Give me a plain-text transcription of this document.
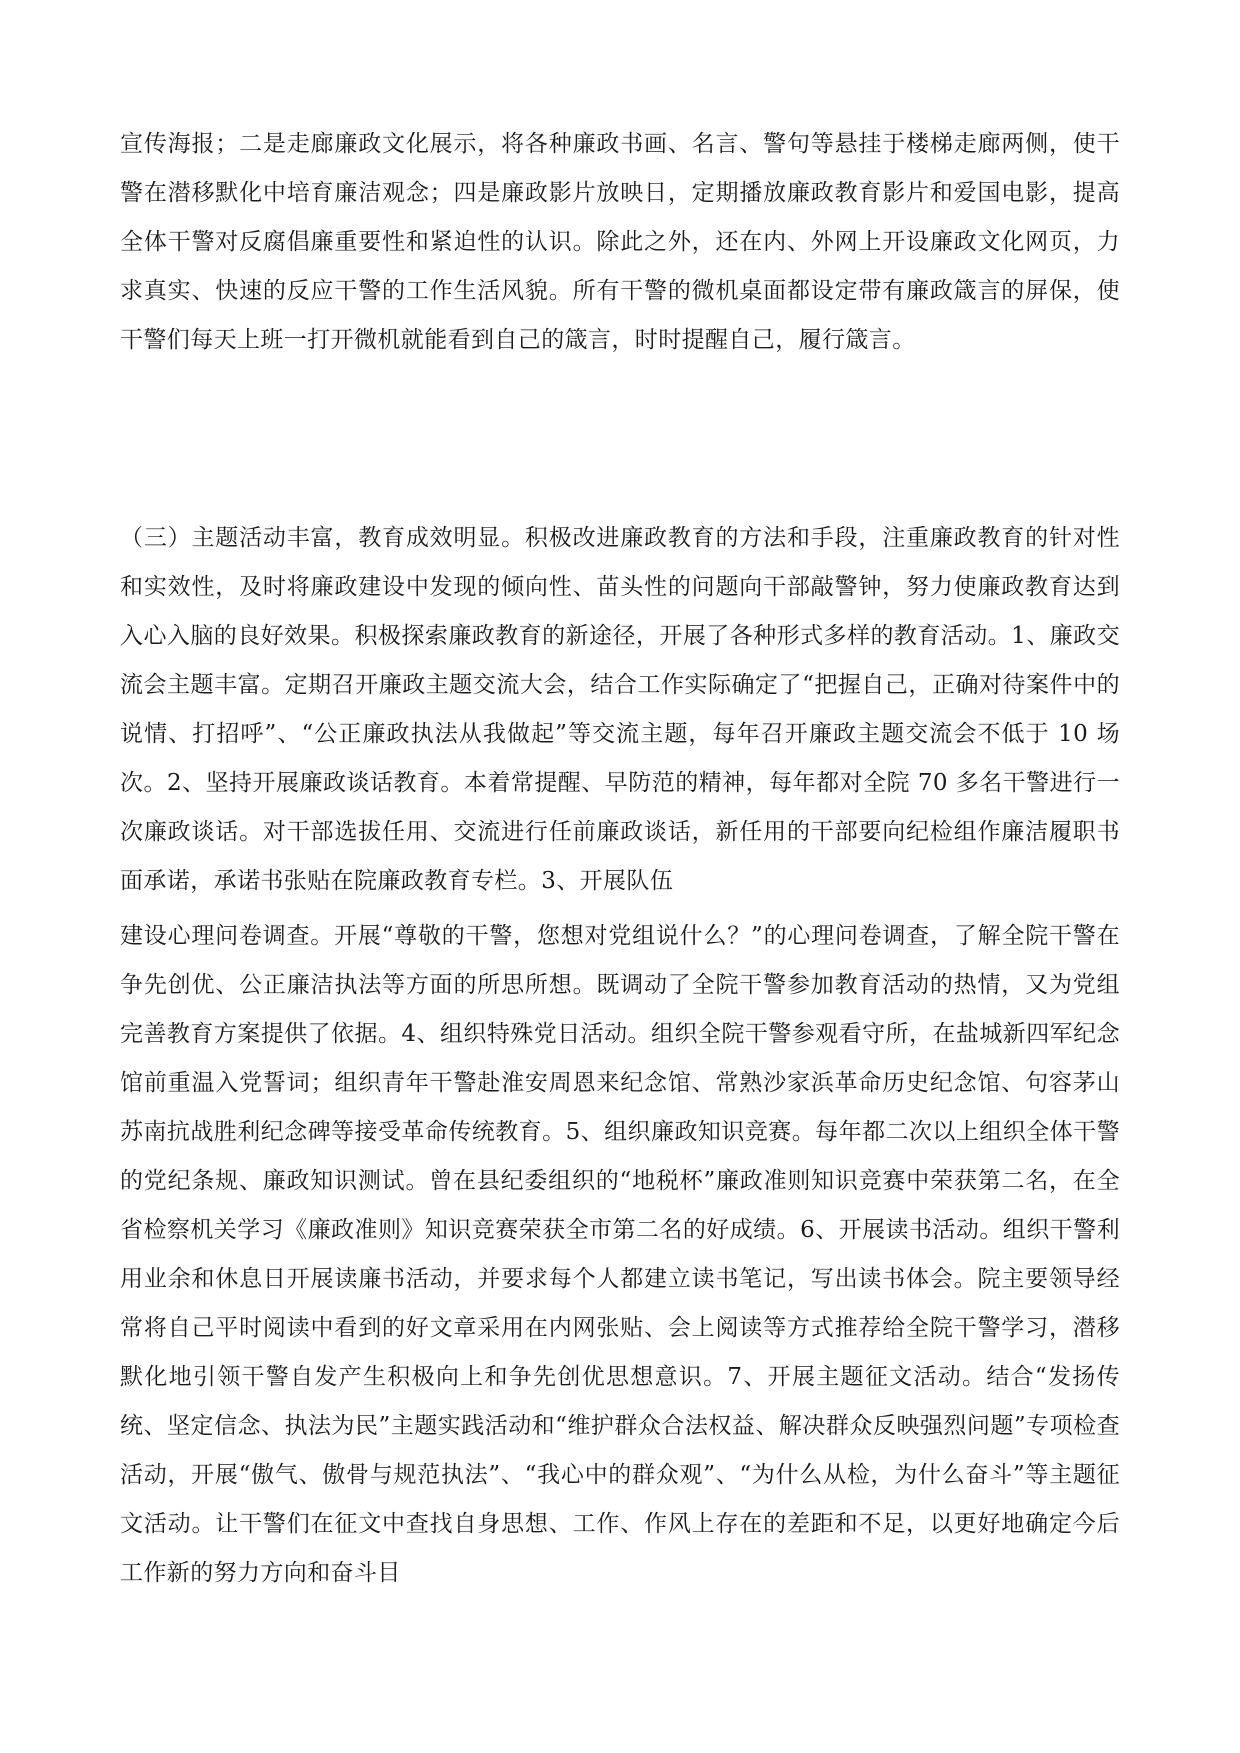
宣传海报；二是走廊廉政文化展示，将各种廉政书画、名言、警句等悬挂于楼梯走廊两侧，使干警在潜移默化中培育廉洁观念；四是廉政影片放映日，定期播放廉政教育影片和爱国电影，提高全体干警对反腐倡廉重要性和紧迫性的认识。除此之外，还在内、外网上开设廉政文化网页，力求真实、快速的反应干警的工作生活风貌。所有干警的微机桌面都设定带有廉政箴言的屏保，使干警们每天上班一打开微机就能看到自己的箴言，时时提醒自己，履行箴言。

（三）主题活动丰富，教育成效明显。积极改进廉政教育的方法和手段，注重廉政教育的针对性和实效性，及时将廉政建设中发现的倾向性、苗头性的问题向干部敲警钟，努力使廉政教育达到入心入脑的良好效果。积极探索廉政教育的新途径，开展了各种形式多样的教育活动。1、廉政交流会主题丰富。定期召开廉政主题交流大会，结合工作实际确定了“把握自己，正确对待案件中的说情、打招呼”、“公正廉政执法从我做起”等交流主题，每年召开廉政主题交流会不低于 10 场次。2、坚持开展廉政谈话教育。本着常提醒、早防范的精神，每年都对全院 70 多名干警进行一次廉政谈话。对干部选拔任用、交流进行任前廉政谈话，新任用的干部要向纪检组作廉洁履职书面承诺，承诺书张贴在院廉政教育专栏。3、开展队伍

建设心理问卷调查。开展“尊敬的干警，您想对党组说什么？”的心理问卷调查，了解全院干警在争先创优、公正廉洁执法等方面的所思所想。既调动了全院干警参加教育活动的热情，又为党组完善教育方案提供了依据。4、组织特殊党日活动。组织全院干警参观看守所，在盐城新四军纪念馆前重温入党誓词；组织青年干警赴淮安周恩来纪念馆、常熟沙家浜革命历史纪念馆、句容茅山苏南抗战胜利纪念碑等接受革命传统教育。5、组织廉政知识竞赛。每年都二次以上组织全体干警的党纪条规、廉政知识测试。曾在县纪委组织的“地税杯”廉政准则知识竞赛中荣获第二名，在全省检察机关学习《廉政准则》知识竞赛荣获全市第二名的好成绩。6、开展读书活动。组织干警利用业余和休息日开展读廉书活动，并要求每个人都建立读书笔记，写出读书体会。院主要领导经常将自己平时阅读中看到的好文章采用在内网张贴、会上阅读等方式推荐给全院干警学习，潜移默化地引领干警自发产生积极向上和争先创优思想意识。7、开展主题征文活动。结合“发扬传统、坚定信念、执法为民”主题实践活动和“维护群众合法权益、解决群众反映强烈问题”专项检查活动，开展“傲气、傲骨与规范执法”、“我心中的群众观”、“为什么从检，为什么奋斗”等主题征文活动。让干警们在征文中查找自身思想、工作、作风上存在的差距和不足，以更好地确定今后工作新的努力方向和奋斗目
